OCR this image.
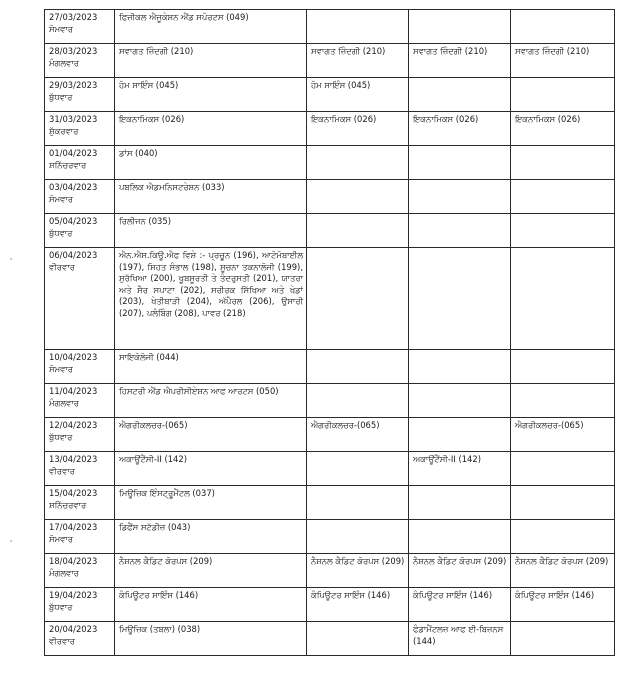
27/03/2023
ਸੋਮਵਾਰ	ਫਿਜ਼ੀਕਲ ਐਜੂਕੇਸ਼ਨ ਐਂਡ ਸਪੋਰਟਸ (049)			

28/03/2023
ਮੰਗਲਵਾਰ	ਸਵਾਗਤ ਜ਼ਿੰਦਗੀ (210)	ਸਵਾਗਤ ਜ਼ਿੰਦਗੀ (210)	ਸਵਾਗਤ ਜ਼ਿੰਦਗੀ (210)	ਸਵਾਗਤ ਜ਼ਿੰਦਗੀ (210)

29/03/2023
ਬੁੱਧਵਾਰ	ਹੋਮ ਸਾਇੰਸ (045)	ਹੋਮ ਸਾਇੰਸ (045)		

31/03/2023
ਸ਼ੁੱਕਰਵਾਰ	ਇਕਨਾਮਿਕਸ (026)	ਇਕਨਾਮਿਕਸ (026)	ਇਕਨਾਮਿਕਸ (026)	ਇਕਨਾਮਿਕਸ (026)

01/04/2023
ਸ਼ਨਿੱਚਰਵਾਰ	ਡਾਂਸ (040)			

03/04/2023
ਸੋਮਵਾਰ	ਪਬਲਿਕ ਐਡਮਨਿਸਟਰੇਸ਼ਨ (033)			

05/04/2023
ਬੁੱਧਵਾਰ	ਰਿਲੀਜਨ (035)			

06/04/2023
ਵੀਰਵਾਰ	ਐਨ.ਐਸ.ਕਿਊ.ਐਫ ਵਿਸ਼ੇ :- ਪ੍ਰਚੂਨ (196), ਆਟੋਮੋਬਾਈਲ (197), ਸਿਹਤ ਸੰਭਾਲ (198), ਸੂਚਨਾ ਤਕਨਾਲੋਜੀ (199), ਸੁਰੱਖਿਆ (200), ਖੂਬਸੂਰਤੀ ਤੇ ਤੰਦਰੁਸਤੀ (201), ਯਾਤਰਾ ਅਤੇ ਸੈਰ ਸਪਾਟਾ (202), ਸਰੀਰਕ ਸਿੱਖਿਆ ਅਤੇ ਖੇਡਾਂ (203), ਖੇਤੀਬਾੜੀ (204), ਅੱਪੈਰਲ (206), ਉਸਾਰੀ (207), ਪਲੰਬਿੰਗ (208), ਪਾਵਰ (218)			

10/04/2023
ਸੋਮਵਾਰ	ਸਾਇਕੋਲੋਜੀ (044)			

11/04/2023
ਮੰਗਲਵਾਰ	ਹਿਸਟਰੀ ਐਂਡ ਐਪਰੀਸੀਏਸ਼ਨ ਆਫ ਆਰਟਸ (050)			

12/04/2023
ਬੁੱਧਵਾਰ	ਐਗਰੀਕਲਚਰ-(065)	ਐਗਰੀਕਲਚਰ-(065)		ਐਗਰੀਕਲਚਰ-(065)

13/04/2023
ਵੀਰਵਾਰ	ਅਕਾਊਂਟੈਂਸੀ-II (142)		ਅਕਾਊਂਟੈਂਸੀ-II (142)	

15/04/2023
ਸ਼ਨਿੱਚਰਵਾਰ	ਮਿਊਜ਼ਿਕ ਇੰਸਟ੍ਰੂਮੈਂਟਲ (037)			

17/04/2023
ਸੋਮਵਾਰ	ਡਿਫੈਂਸ ਸਟੱਡੀਜ਼ (043)			

18/04/2023
ਮੰਗਲਵਾਰ	ਨੈਸ਼ਨਲ ਕੈਡਿਟ ਕੋਰਪਸ (209)	ਨੈਸ਼ਨਲ ਕੈਡਿਟ ਕੋਰਪਸ (209)	ਨੈਸ਼ਨਲ ਕੈਡਿਟ ਕੋਰਪਸ (209)	ਨੈਸ਼ਨਲ ਕੈਡਿਟ ਕੋਰਪਸ (209)

19/04/2023
ਬੁੱਧਵਾਰ	ਕੰਪਿਊਟਰ ਸਾਇੰਸ (146)	ਕੰਪਿਊਟਰ ਸਾਇੰਸ (146)	ਕੰਪਿਊਟਰ ਸਾਇੰਸ (146)	ਕੰਪਿਊਟਰ ਸਾਇੰਸ (146)

20/04/2023
ਵੀਰਵਾਰ	ਮਿਊਜ਼ਿਕ (ਤਬਲਾ) (038)		ਫੰਡਾਮੈਂਟਲਜ਼ ਆਫ ਈ-ਬਿਜ਼ਨਸ (144)	
